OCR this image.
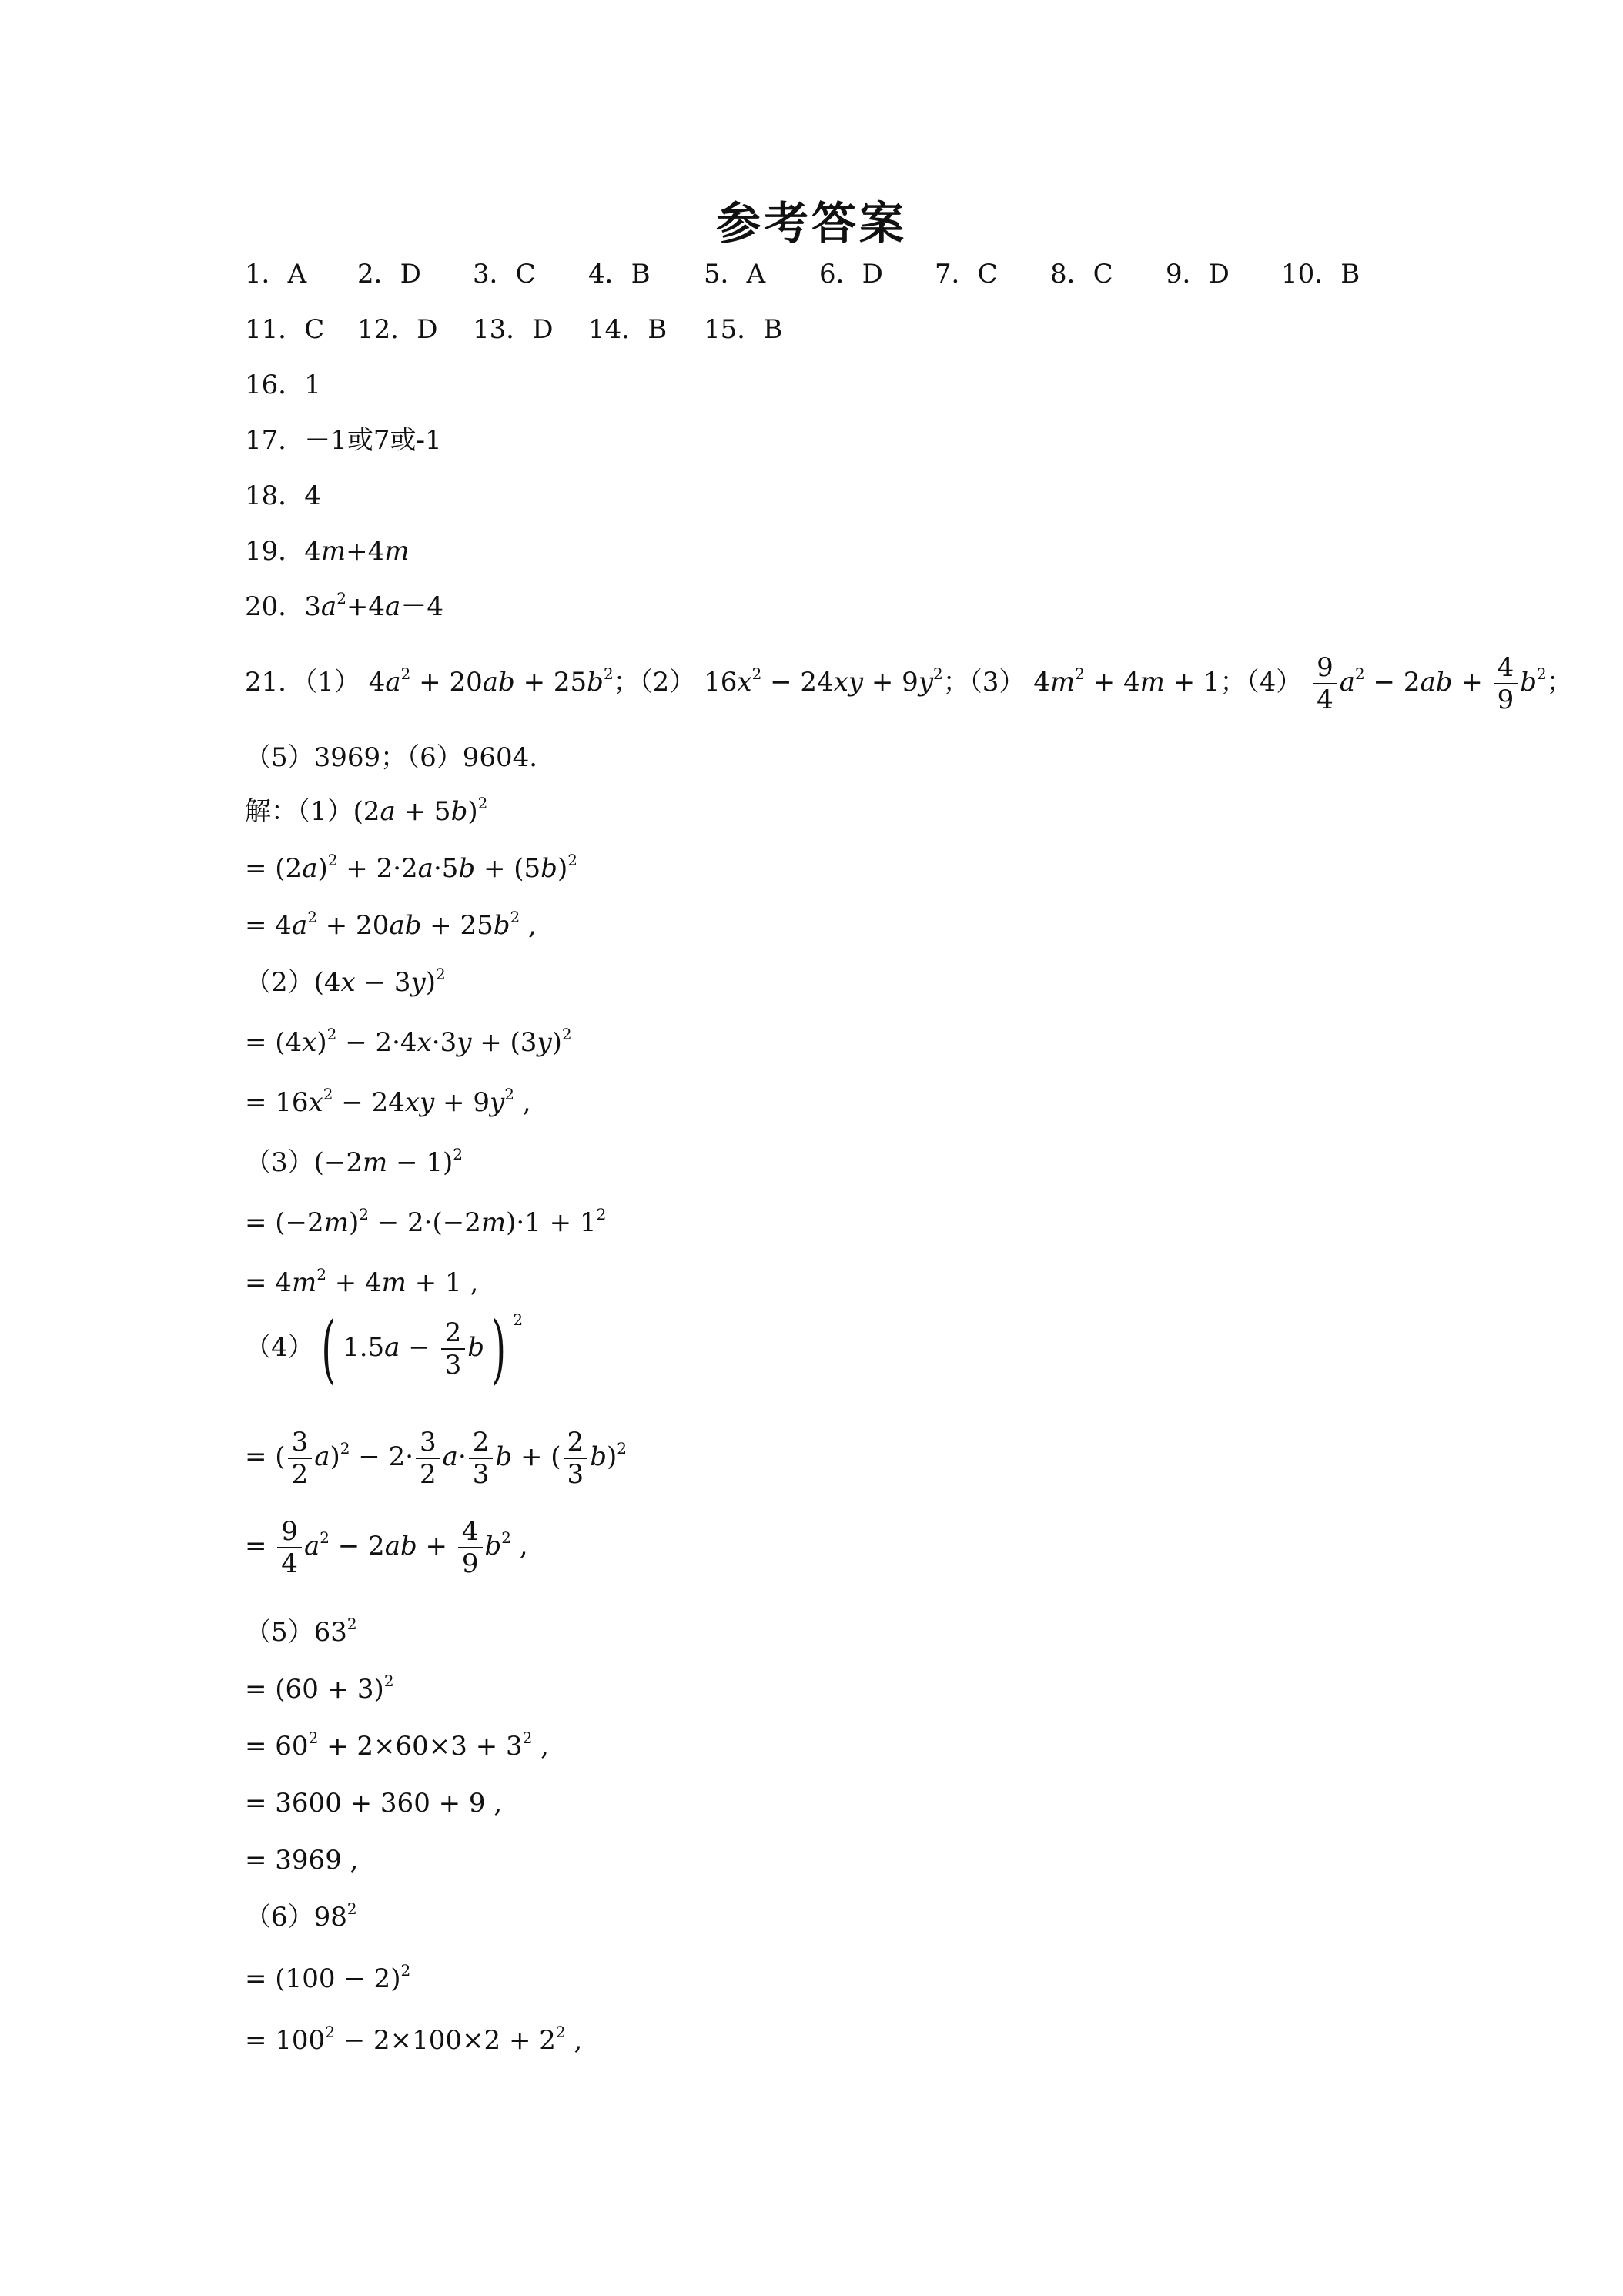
参考答案
1．A 2．D 3．C 4．B 5．A 6．D 7．C 8．C 9．D 10．B
11．C 12．D 13．D 14．B 15．B
16．1
17．－1或7或-1
18．4
19．4m+4m
20．$3a^2+4a-4$
21．（1） $4a^2 + 20ab + 25b^2$；（2） $16x^2 - 24xy + 9y^2$；（3） $4m^2 + 4m + 1$；$(4) \frac{9}{4} a^2 - 2ab + \frac{4}{9} b^2$；
（5）3969；（6）9604．
解：$(1)(2a + 5b)^2$
= $(2a)^2 + 2\cdot 2a\cdot 5b + (5b)^2$
= $4a^2 + 20ab + 25b^2$ ,
$(2)(4x - 3y)^2$
= $(4x)^2 - 2\cdot 4x\cdot 3y + (3y)^2$
= $16x^2 - 24xy + 9y^2$ ,
$(3)(-2m - 1)^2$
= $(-2m)^2 - 2\cdot(-2m)\cdot 1 + 1^2$
= $4m^2 + 4m + 1$ ,
（4）( $1.5a - \frac{2}{3} b$) $^2$
= ( $\frac{3}{2} a)^2 - 2\cdot \frac{3}{2} a\cdot \frac{2}{3}$ b + ( $\frac{2}{3} b)^2$
= $\frac{9}{4} a^2 - 2ab + \frac{4}{9} b^2$ ,
$(5)63^2$
= $(60 + 3)^2$
= $60^2 + 2\times 60\times 3 + 3^2$ ,
= 3600 + 360 + 9 ,
= 3969 ,
$(6)98^2$
= $(100 - 2)^2$
= $100^2 - 2\times 100\times 2 + 2^2$ ,
